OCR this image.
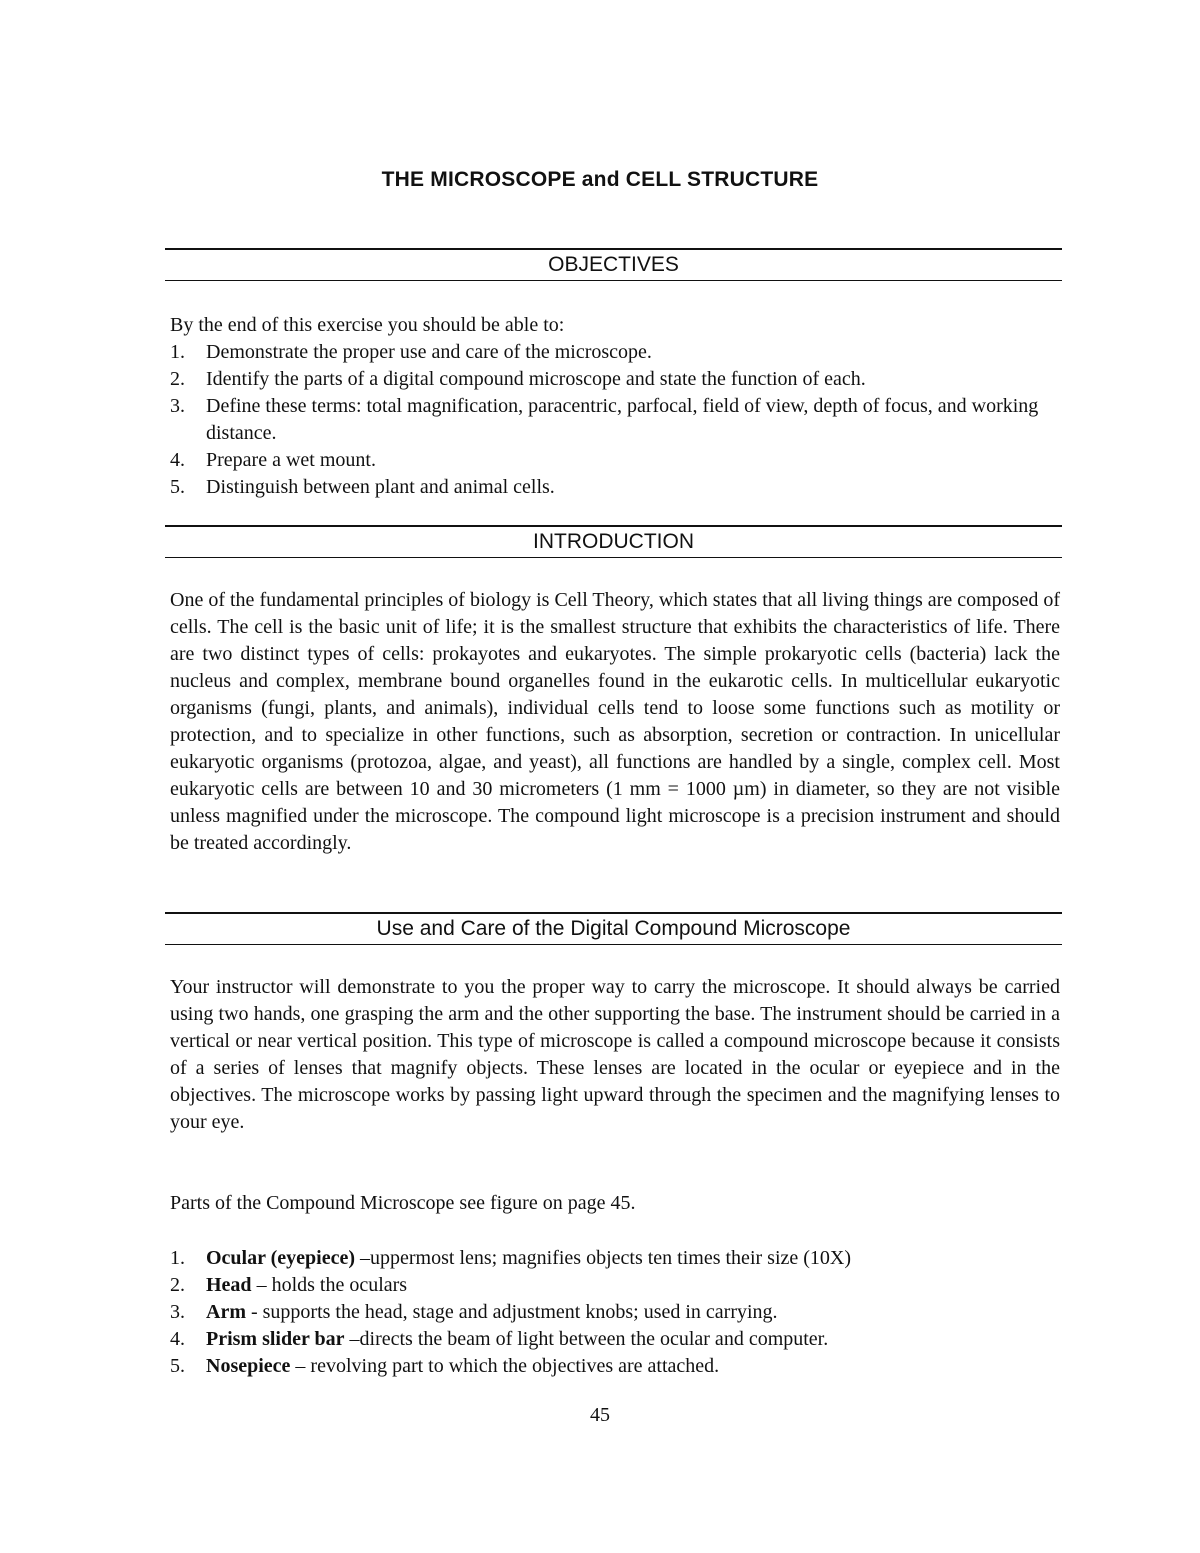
THE MICROSCOPE and CELL STRUCTURE
OBJECTIVES

By the end of this exercise you should be able to:

1. Demonstrate the proper use and care of the microscope.
2. Identify the parts of a digital compound microscope and state the function of each.
3. Define these terms: total magnification, paracentric, parfocal, field of view, depth of focus, and working distance.
4. Prepare a wet mount.
5. Distinguish between plant and animal cells.
INTRODUCTION

One of the fundamental principles of biology is Cell Theory, which states that all living things are composed of cells. The cell is the basic unit of life; it is the smallest structure that exhibits the characteristics of life. There are two distinct types of cells: prokayotes and eukaryotes. The simple prokaryotic cells (bacteria) lack the nucleus and complex, membrane bound organelles found in the eukarotic cells. In multicellular eukaryotic organisms (fungi, plants, and animals), individual cells tend to loose some functions such as motility or protection, and to specialize in other functions, such as absorption, secretion or contraction. In unicellular eukaryotic organisms (protozoa, algae, and yeast), all functions are handled by a single, complex cell. Most eukaryotic cells are between 10 and 30 micrometers (1 mm = 1000 µm) in diameter, so they are not visible unless magnified under the microscope. The compound light microscope is a precision instrument and should be treated accordingly.

Use and Care of the Digital Compound Microscope

Your instructor will demonstrate to you the proper way to carry the microscope. It should always be carried using two hands, one grasping the arm and the other supporting the base. The instrument should be carried in a vertical or near vertical position. This type of microscope is called a compound microscope because it consists of a series of lenses that magnify objects. These lenses are located in the ocular or eyepiece and in the objectives. The microscope works by passing light upward through the specimen and the magnifying lenses to your eye.

Parts of the Compound Microscope see figure on page 45.

1. Ocular (eyepiece) –uppermost lens; magnifies objects ten times their size (10X)
2. Head – holds the oculars
3. Arm - supports the head, stage and adjustment knobs; used in carrying.
4. Prism slider bar –directs the beam of light between the ocular and computer.
5. Nosepiece – revolving part to which the objectives are attached.
45
